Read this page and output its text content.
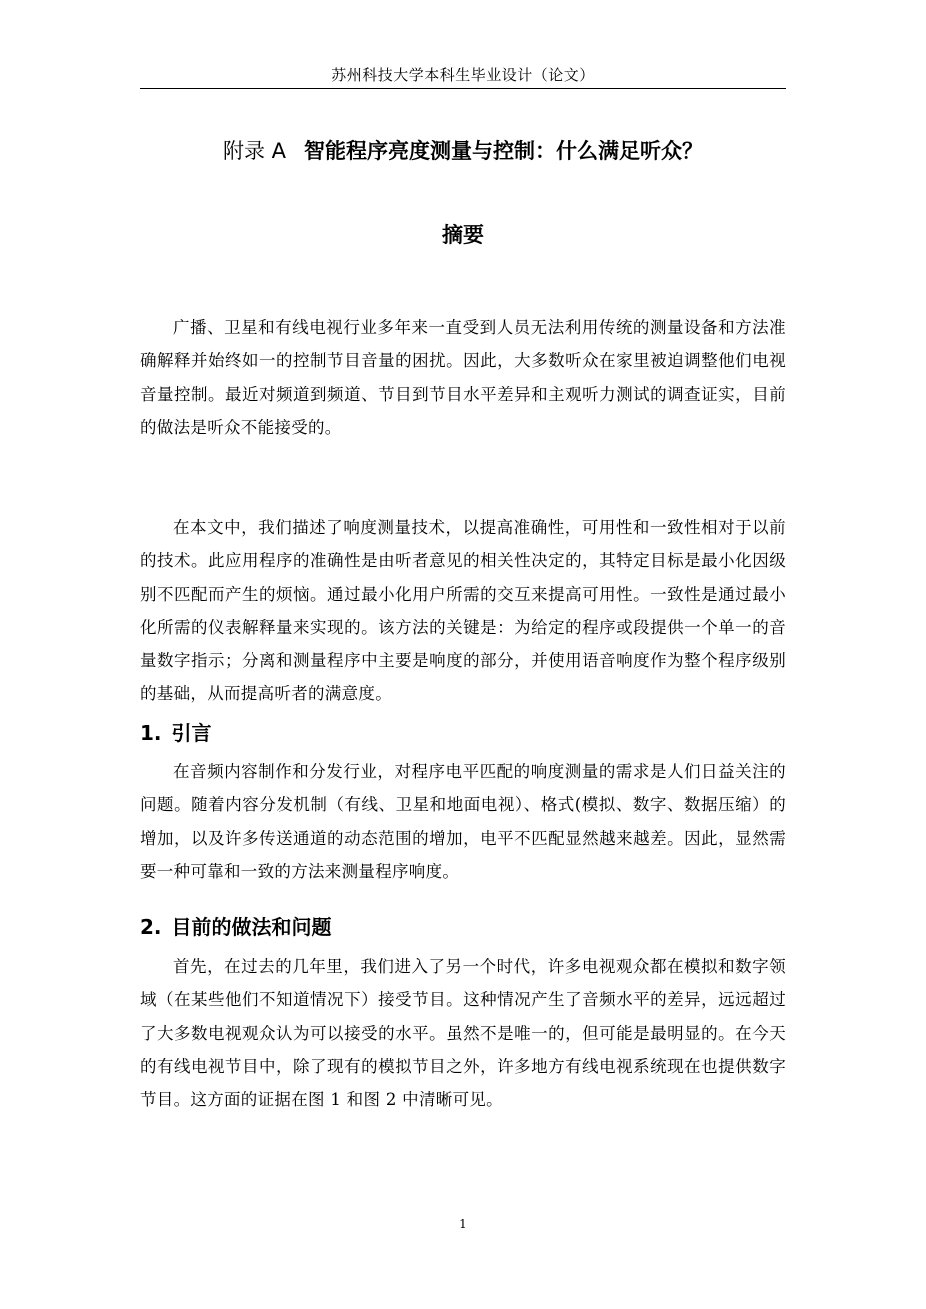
苏州科技大学本科生毕业设计（论文）
附录 A 智能程序亮度测量与控制：什么满足听众？
摘要

广播、卫星和有线电视行业多年来一直受到人员无法利用传统的测量设备和方法准确解释并始终如一的控制节目音量的困扰。因此，大多数听众在家里被迫调整他们电视音量控制。最近对频道到频道、节目到节目水平差异和主观听力测试的调查证实，目前的做法是听众不能接受的。

在本文中，我们描述了响度测量技术，以提高准确性，可用性和一致性相对于以前的技术。此应用程序的准确性是由听者意见的相关性决定的，其特定目标是最小化因级别不匹配而产生的烦恼。通过最小化用户所需的交互来提高可用性。一致性是通过最小化所需的仪表解释量来实现的。该方法的关键是：为给定的程序或段提供一个单一的音量数字指示；分离和测量程序中主要是响度的部分，并使用语音响度作为整个程序级别的基础，从而提高听者的满意度。

1. 引言

在音频内容制作和分发行业，对程序电平匹配的响度测量的需求是人们日益关注的问题。随着内容分发机制（有线、卫星和地面电视）、格式(模拟、数字、数据压缩）的增加，以及许多传送通道的动态范围的增加，电平不匹配显然越来越差。因此，显然需要一种可靠和一致的方法来测量程序响度。

2. 目前的做法和问题

首先，在过去的几年里，我们进入了另一个时代，许多电视观众都在模拟和数字领域（在某些他们不知道情况下）接受节目。这种情况产生了音频水平的差异，远远超过了大多数电视观众认为可以接受的水平。虽然不是唯一的，但可能是最明显的。在今天的有线电视节目中，除了现有的模拟节目之外，许多地方有线电视系统现在也提供数字节目。这方面的证据在图 1 和图 2 中清晰可见。

1
